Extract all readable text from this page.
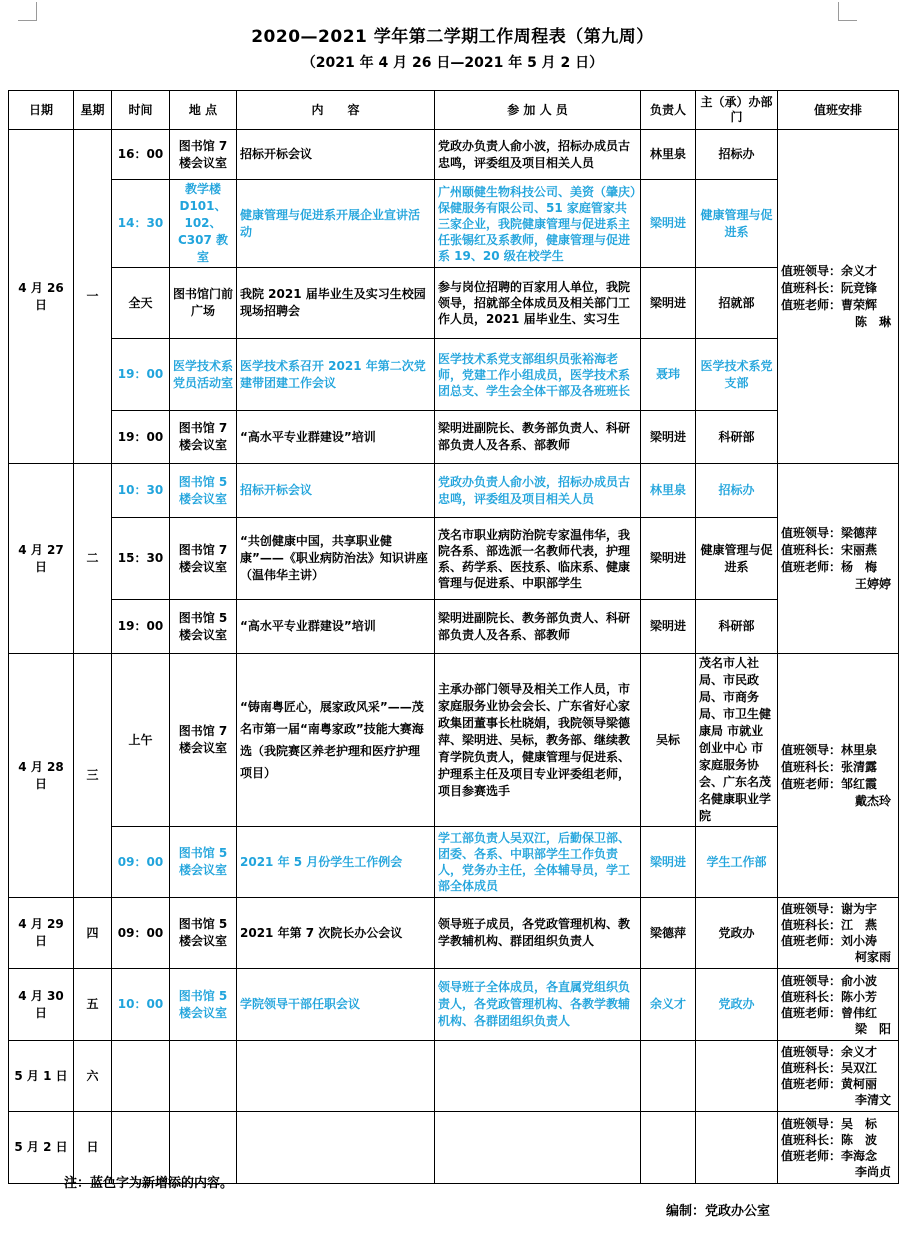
2020—2021 学年第二学期工作周程表（第九周）
（2021 年 4 月 26 日—2021 年 5 月 2 日）
日期	星期	时间	地 点	内　　容	参 加 人 员	负责人	主（承）办部 门	值班安排
4 月 26 日	一	16：00	图书馆 7 楼会议室	招标开标会议	党政办负责人俞小波，招标办成员古忠鸣，评委组及项目相关人员	林里泉	招标办	值班领导：余义才
值班科长：阮竞锋
值班老师：曹荣辉
陈　琳

		14：30	教学楼 D101、102、C307 教室	健康管理与促进系开展企业宣讲活动	广州颐健生物科技公司、美资（肇庆）保健服务有限公司、51 家庭管家共三家企业，我院健康管理与促进系主任张锡红及系教师，健康管理与促进系 19、20 级在校学生	梁明进	健康管理与促进系	
		全天	图书馆门前广场	我院 2021 届毕业生及实习生校园现场招聘会	参与岗位招聘的百家用人单位，我院领导，招就部全体成员及相关部门工作人员，2021 届毕业生、实习生	梁明进	招就部	
		19：00	医学技术系党员活动室	医学技术系召开 2021 年第二次党建带团建工作会议	医学技术系党支部组织员张裕海老师，党建工作小组成员，医学技术系团总支、学生会全体干部及各班班长	聂玮	医学技术系党支部	
		19：00	图书馆 7 楼会议室	“高水平专业群建设”培训	梁明进副院长、教务部负责人、科研部负责人及各系、部教师	梁明进	科研部	
4 月 27 日	二	10：30	图书馆 5 楼会议室	招标开标会议	党政办负责人俞小波，招标办成员古忠鸣，评委组及项目相关人员	林里泉	招标办	值班领导：梁德萍
值班科长：宋丽燕
值班老师：杨　梅
王婷婷

		15：30	图书馆 7 楼会议室	“共创健康中国，共享职业健康”——《职业病防治法》知识讲座（温伟华主讲）	茂名市职业病防治院专家温伟华，我院各系、部选派一名教师代表，护理系、药学系、医技系、临床系、健康管理与促进系、中职部学生	梁明进	健康管理与促进系	
		19：00	图书馆 5 楼会议室	“高水平专业群建设”培训	梁明进副院长、教务部负责人、科研部负责人及各系、部教师	梁明进	科研部	
4 月 28 日	三	上午	图书馆 7 楼会议室	“铸南粤匠心，展家政风采”——茂名市第一届“南粤家政”技能大赛海选（我院赛区养老护理和医疗护理项目）	主承办部门领导及相关工作人员，市家庭服务业协会会长、广东省好心家政集团董事长杜晓娟，我院领导梁德萍、梁明进、吴标，教务部、继续教育学院负责人，健康管理与促进系、护理系主任及项目专业评委组老师，项目参赛选手	吴标	茂名市人社局、市民政局、市商务局、市卫生健康局 市就业创业中心 市家庭服务协会、广东名茂名健康职业学院	值班领导：林里泉
值班科长：张清露
值班老师：邹红霞
戴杰玲

		09：00	图书馆 5 楼会议室	2021 年 5 月份学生工作例会	学工部负责人吴双江，后勤保卫部、团委、各系、中职部学生工作负责人，党务办主任，全体辅导员，学工部全体成员	梁明进	学生工作部	
4 月 29 日	四	09：00	图书馆 5 楼会议室	2021 年第 7 次院长办公会议	领导班子成员，各党政管理机构、教学教辅机构、群团组织负责人	梁德萍	党政办	值班领导：谢为宇
值班科长：江　燕
值班老师：刘小涛
柯家雨

4 月 30 日	五	10：00	图书馆 5 楼会议室	学院领导干部任职会议	领导班子全体成员，各直属党组织负责人，各党政管理机构、各教学教辅机构、各群团组织负责人	余义才	党政办	值班领导：俞小波
值班科长：陈小芳
值班老师：曾伟红
梁　阳

5 月 1 日	六							值班领导：余义才
值班科长：吴双江
值班老师：黄柯丽
李清文

5 月 2 日	日							值班领导：吴　标
值班科长：陈　波
值班老师：李海念
李尚贞
注：蓝色字为新增添的内容。
编制：党政办公室
